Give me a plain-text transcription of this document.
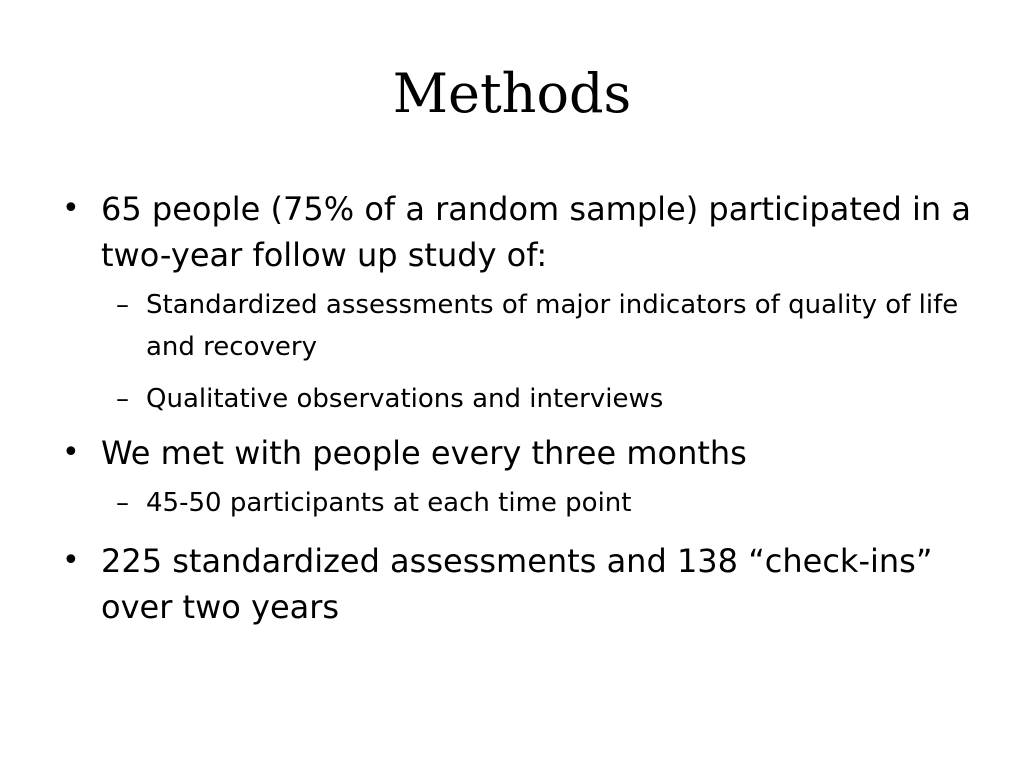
Methods
• 65 people (75% of a random sample) participated in a two-year follow up study of:
– Standardized assessments of major indicators of quality of life and recovery
– Qualitative observations and interviews
• We met with people every three months
– 45-50 participants at each time point
• 225 standardized assessments and 138 “check-ins” over two years
